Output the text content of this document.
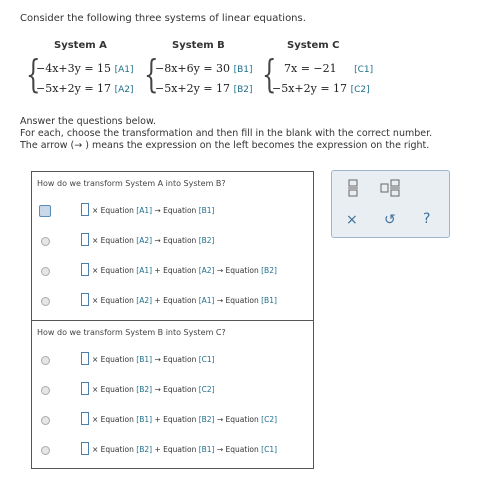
Consider the following three systems of linear equations.
System A
{
−4x+3y = 15 [A1]
−5x+2y = 17 [A2]
System B
{
−8x+6y = 30 [B1]
−5x+2y = 17 [B2]
System C
{ 7x = −21 [C1]
−5x+2y = 17 [C2]
Answer the questions below.
For each, choose the transformation and then fill in the blank with the correct number.
The arrow (→ ) means the expression on the left becomes the expression on the right.
How do we transform System A into System B?
× Equation [A1] → Equation [B1]
× Equation [A2] → Equation [B2]
× Equation [A1] + Equation [A2] → Equation [B2]
× Equation [A2] + Equation [A1] → Equation [B1]
How do we transform System B into System C?
× Equation [B1] → Equation [C1]
× Equation [B2] → Equation [C2]
× Equation [B1] + Equation [B2] → Equation [C2]
× Equation [B2] + Equation [B1] → Equation [C1]
× ↺ ?
